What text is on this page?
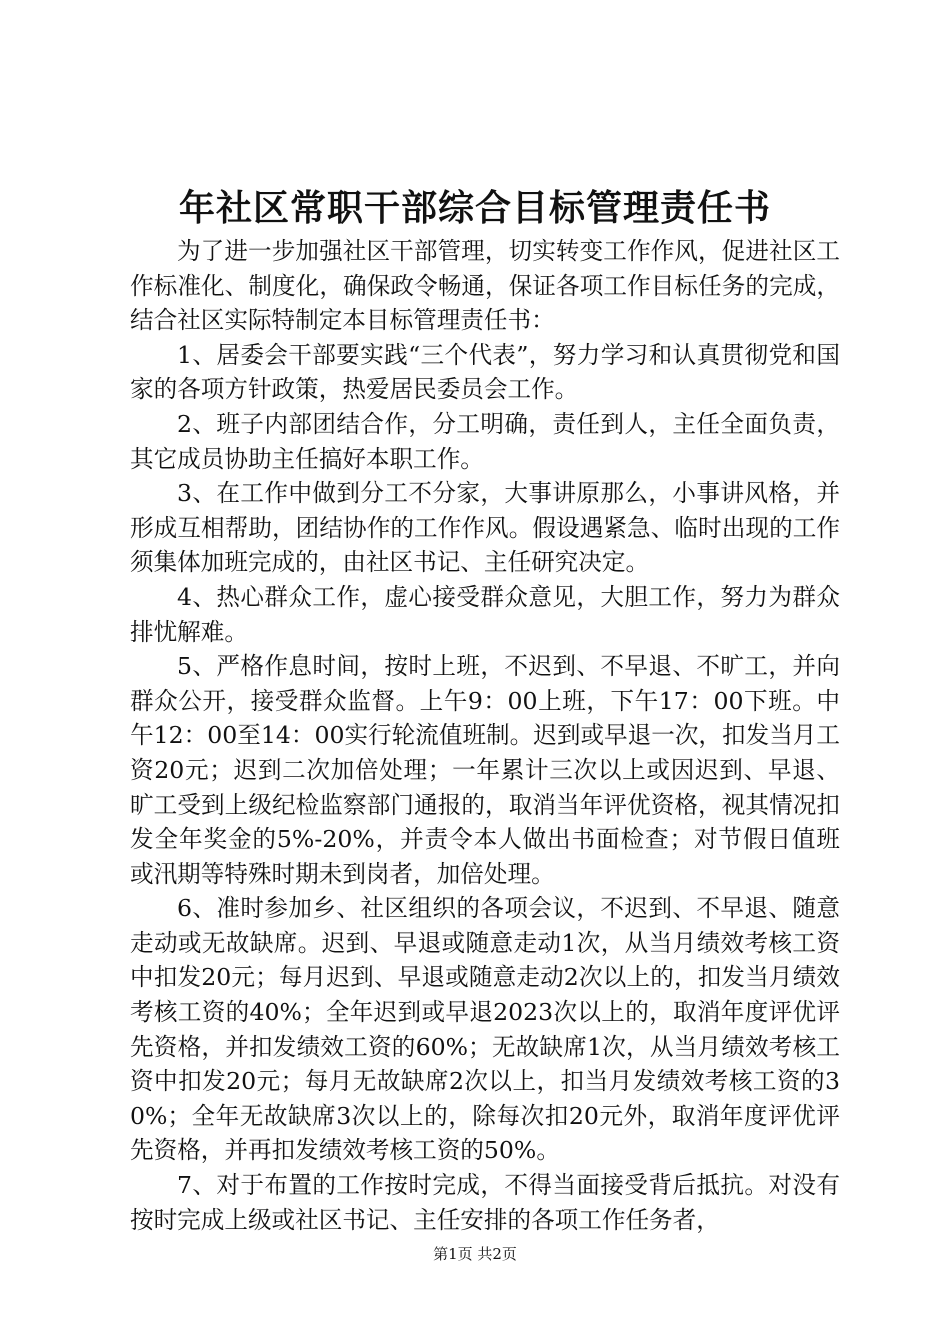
年社区常职干部综合目标管理责任书

为了进一步加强社区干部管理，切实转变工作作风，促进社区工作标准化、制度化，确保政令畅通，保证各项工作目标任务的完成，结合社区实际特制定本目标管理责任书：

1、居委会干部要实践“三个代表”，努力学习和认真贯彻党和国家的各项方针政策，热爱居民委员会工作。

2、班子内部团结合作，分工明确，责任到人，主任全面负责，其它成员协助主任搞好本职工作。

3、在工作中做到分工不分家，大事讲原那么，小事讲风格，并形成互相帮助，团结协作的工作作风。假设遇紧急、临时出现的工作须集体加班完成的，由社区书记、主任研究决定。

4、热心群众工作，虚心接受群众意见，大胆工作，努力为群众排忧解难。

5、严格作息时间，按时上班，不迟到、不早退、不旷工，并向群众公开，接受群众监督。上午9：00上班，下午17：00下班。中午12：00至14：00实行轮流值班制。迟到或早退一次，扣发当月工资20元；迟到二次加倍处理；一年累计三次以上或因迟到、早退、旷工受到上级纪检监察部门通报的，取消当年评优资格，视其情况扣发全年奖金的5%-20%，并责令本人做出书面检查；对节假日值班或汛期等特殊时期未到岗者，加倍处理。

6、准时参加乡、社区组织的各项会议，不迟到、不早退、随意走动或无故缺席。迟到、早退或随意走动1次，从当月绩效考核工资中扣发20元；每月迟到、早退或随意走动2次以上的，扣发当月绩效考核工资的40%；全年迟到或早退2023次以上的，取消年度评优评先资格，并扣发绩效工资的60%；无故缺席1次，从当月绩效考核工资中扣发20元；每月无故缺席2次以上，扣当月发绩效考核工资的30%；全年无故缺席3次以上的，除每次扣20元外，取消年度评优评先资格，并再扣发绩效考核工资的50%。

7、对于布置的工作按时完成，不得当面接受背后抵抗。对没有按时完成上级或社区书记、主任安排的各项工作任务者，

第1页 共2页
